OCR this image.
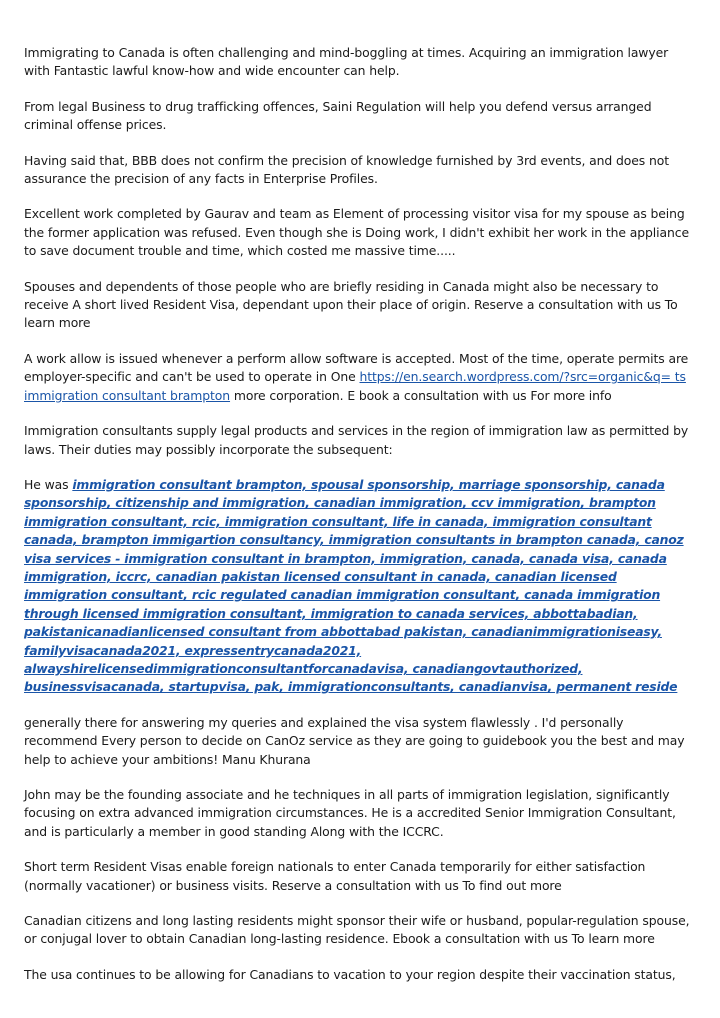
Immigrating to Canada is often challenging and mind-boggling at times. Acquiring an immigration lawyer with Fantastic lawful know-how and wide encounter can help.

From legal Business to drug trafficking offences, Saini Regulation will help you defend versus arranged criminal offense prices.

Having said that, BBB does not confirm the precision of knowledge furnished by 3rd events, and does not assurance the precision of any facts in Enterprise Profiles.

Excellent work completed by Gaurav and team as Element of processing visitor visa for my spouse as being the former application was refused. Even though she is Doing work, I didn't exhibit her work in the appliance to save document trouble and time, which costed me massive time.....

Spouses and dependents of those people who are briefly residing in Canada might also be necessary to receive A short lived Resident Visa, dependant upon their place of origin. Reserve a consultation with us To learn more

A work allow is issued whenever a perform allow software is accepted. Most of the time, operate permits are employer-specific and can't be used to operate in One https://en.search.wordpress.com/?src=organic&q= ts immigration consultant brampton more corporation. E book a consultation with us For more info

Immigration consultants supply legal products and services in the region of immigration law as permitted by laws. Their duties may possibly incorporate the subsequent:

He was immigration consultant brampton, spousal sponsorship, marriage sponsorship, canada sponsorship, citizenship and immigration, canadian immigration, ccv immigration, brampton immigration consultant, rcic, immigration consultant, life in canada, immigration consultant canada, brampton immigartion consultancy, immigration consultants in brampton canada, canoz visa services - immigration consultant in brampton, immigration, canada, canada visa, canada immigration, iccrc, canadian pakistan licensed consultant in canada, canadian licensed immigration consultant, rcic regulated canadian immigration consultant, canada immigration through licensed immigration consultant, immigration to canada services, abbottabadian, pakistanicanadianlicensed consultant from abbottabad pakistan, canadianimmigrationiseasy, familyvisacanada2021, expressentrycanada2021, alwayshirelicensedimmigrationconsultantforcanadavisa, canadiangovtauthorized, businessvisacanada, startupvisa, pak, immigrationconsultants, canadianvisa, permanent reside

generally there for answering my queries and explained the visa system flawlessly . I'd personally recommend Every person to decide on CanOz service as they are going to guidebook you the best and may help to achieve your ambitions! Manu Khurana

John may be the founding associate and he techniques in all parts of immigration legislation, significantly focusing on extra advanced immigration circumstances. He is a accredited Senior Immigration Consultant, and is particularly a member in good standing Along with the ICCRC.

Short term Resident Visas enable foreign nationals to enter Canada temporarily for either satisfaction (normally vacationer) or business visits. Reserve a consultation with us To find out more

Canadian citizens and long lasting residents might sponsor their wife or husband, popular-regulation spouse, or conjugal lover to obtain Canadian long-lasting residence. Ebook a consultation with us To learn more

The usa continues to be allowing for Canadians to vacation to your region despite their vaccination status,
